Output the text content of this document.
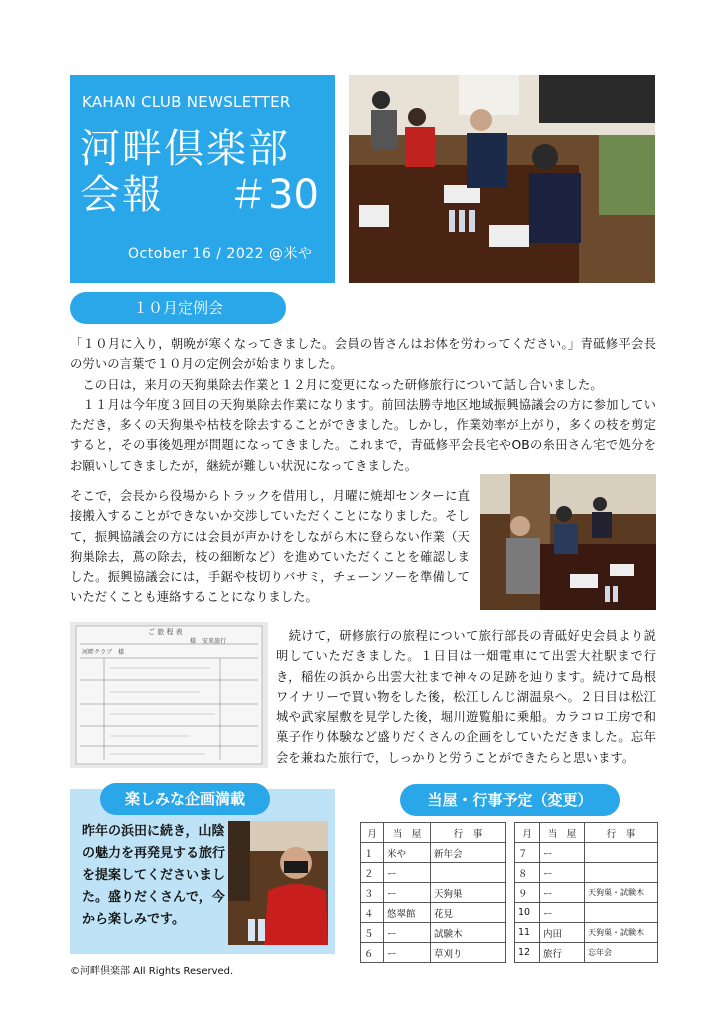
KAHAN CLUB NEWSLETTER
河畔倶楽部
会報 ＃30
October 16 / 2022 @米や
１０月定例会

「１０月に入り，朝晩が寒くなってきました。会員の皆さんはお体を労わってください。」青砥修平会長の労いの言葉で１０月の定例会が始まりました。

　この日は，来月の天狗巣除去作業と１２月に変更になった研修旅行について話し合いました。

　１１月は今年度３回目の天狗巣除去作業になります。前回法勝寺地区地域振興協議会の方に参加していただき，多くの天狗巣や枯枝を除去することができました。しかし，作業効率が上がり，多くの枝を剪定すると，その事後処理が問題になってきました。これまで，青砥修平会長宅やOBの糸田さん宅で処分をお願いしてきましたが，継続が難しい状況になってきました。

そこで，会長から役場からトラックを借用し，月曜に焼却センターに直接搬入することができないか交渉していただくことになりました。そして，振興協議会の方には会員が声かけをしながら木に登らない作業（天狗巣除去，蔦の除去，枝の細断など）を進めていただくことを確認しました。振興協議会には，手鋸や枝切りバサミ，チェーンソーを準備していただくことも連絡することになりました。
ご 旅 程 表
河畔クラブ　様
様　安来旅行	　続けて，研修旅行の旅程について旅行部長の青砥好史会員より説明していただきました。１日目は一畑電車にて出雲大社駅まで行き，稲佐の浜から出雲大社まで神々の足跡を辿ります。続けて島根ワイナリーで買い物をした後，松江しんじ湖温泉へ。２日目は松江城や武家屋敷を見学した後，堀川遊覧船に乗船。カラコロ工房で和菓子作り体験など盛りだくさんの企画をしていただきました。忘年会を兼ねた旅行で，しっかりと労うことができたらと思います。
楽しみな企画満載
昨年の浜田に続き，山陰の魅力を再発見する旅行を提案してくださいました。盛りだくさんで，今から楽しみです。
当屋・行事予定（変更）
月	当　屋	行　事
１	米や	新年会
２	ー	
３	ー	天狗巣
４	悠翠館	花見
５	ー	試験木
６	ー	草刈り
月	当　屋	行　事
７	ー	
８	ー	
９	ー	天狗巣・試験木
10	ー	
11	内田	天狗巣・試験木
12	旅行	忘年会
©河畔倶楽部 All Rights Reserved.
